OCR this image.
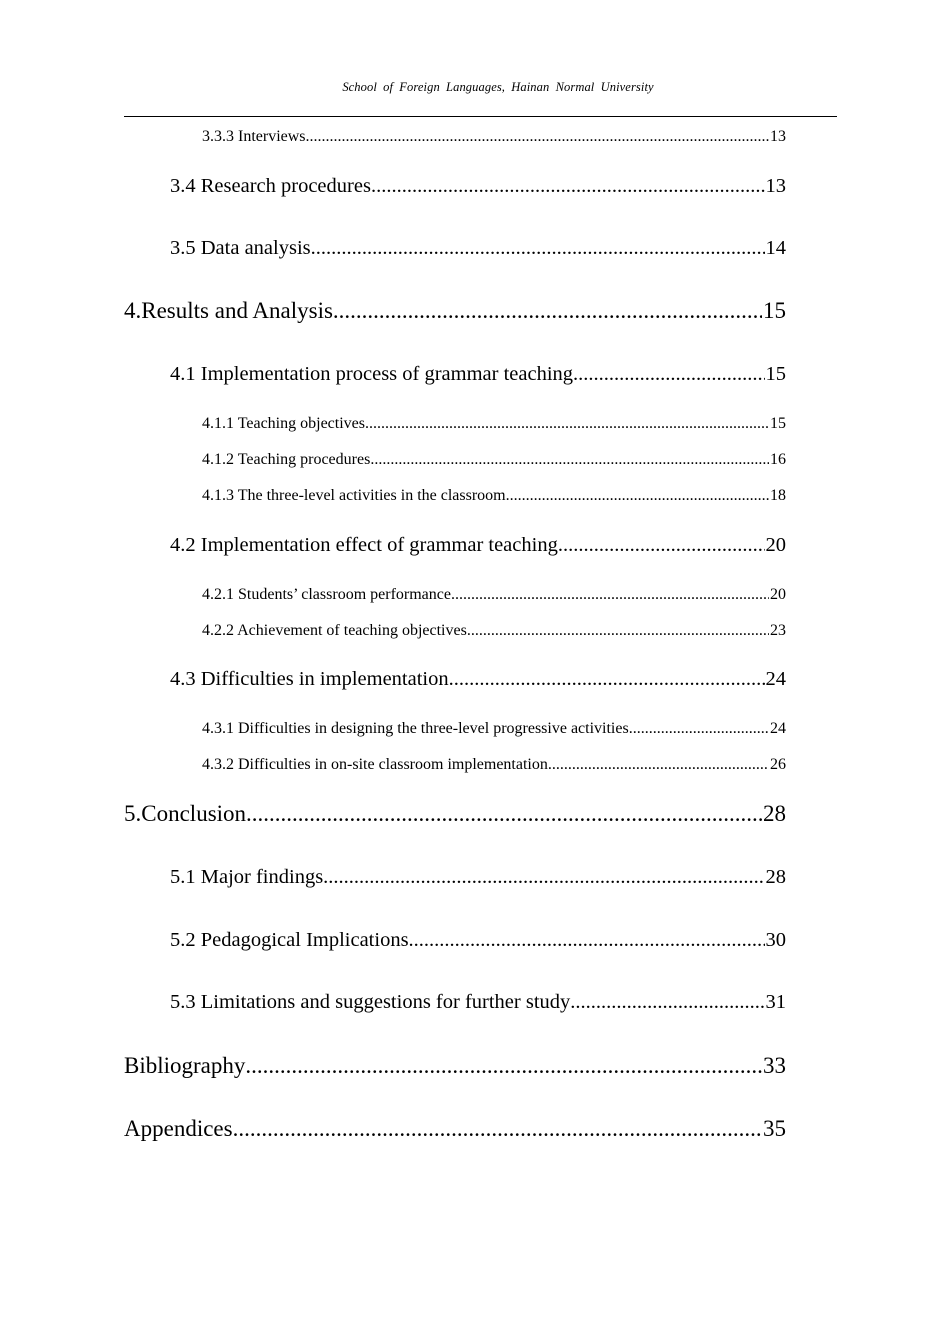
School of Foreign Languages, Hainan Normal University
3.3.3 Interviews .....	13
3.4 Research procedures .....	13
3.5 Data analysis .....	14
4.Results and Analysis .....	15
4.1 Implementation process of grammar teaching .....	15
4.1.1 Teaching objectives .....	15
4.1.2 Teaching procedures .....	16
4.1.3 The three-level activities in the classroom .....	18
4.2 Implementation effect of grammar teaching .....	20
4.2.1 Students’ classroom performance .....	20
4.2.2 Achievement of teaching objectives .....	23
4.3 Difficulties in implementation .....	24
4.3.1 Difficulties in designing the three-level progressive activities .....	24
4.3.2 Difficulties in on-site classroom implementation .....	26
5.Conclusion .....	28
5.1 Major findings .....	28
5.2 Pedagogical Implications .....	30
5.3 Limitations and suggestions for further study .....	31
Bibliography .....	33
Appendices .....	35
